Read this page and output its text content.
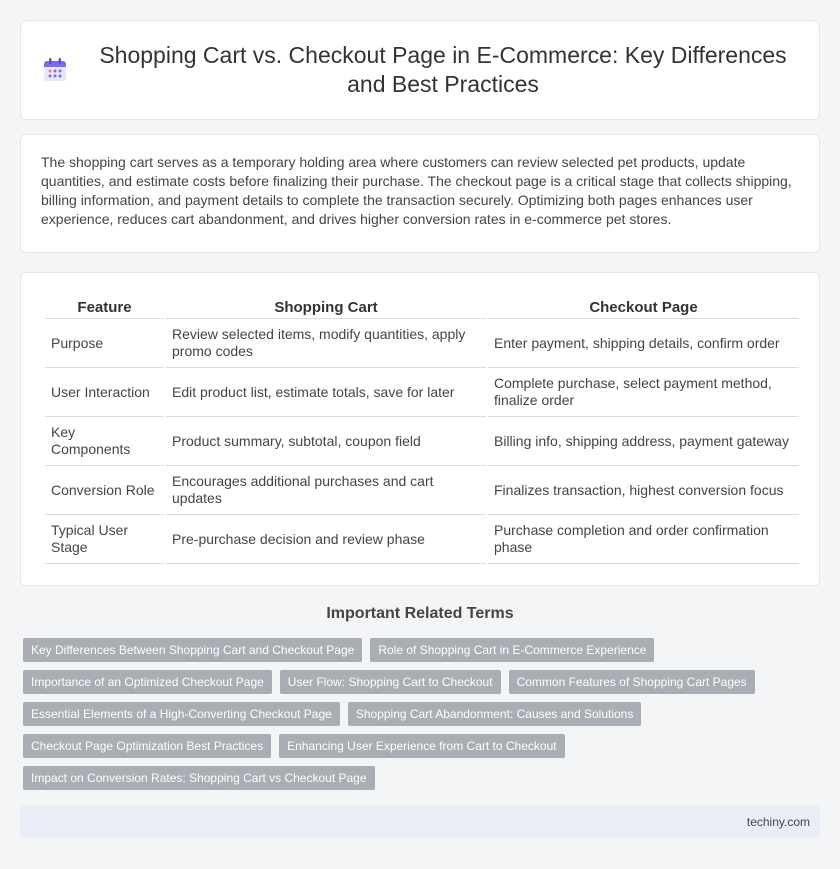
Shopping Cart vs. Checkout Page in E-Commerce: Key Differences and Best Practices

The shopping cart serves as a temporary holding area where customers can review selected pet products, update quantities, and estimate costs before finalizing their purchase. The checkout page is a critical stage that collects shipping, billing information, and payment details to complete the transaction securely. Optimizing both pages enhances user experience, reduces cart abandonment, and drives higher conversion rates in e-commerce pet stores.

Feature	Shopping Cart	Checkout Page
Purpose	Review selected items, modify quantities, apply promo codes	Enter payment, shipping details, confirm order
User Interaction	Edit product list, estimate totals, save for later	Complete purchase, select payment method, finalize order
Key Components	Product summary, subtotal, coupon field	Billing info, shipping address, payment gateway
Conversion Role	Encourages additional purchases and cart updates	Finalizes transaction, highest conversion focus
Typical User Stage	Pre-purchase decision and review phase	Purchase completion and order confirmation phase
Important Related Terms
Key Differences Between Shopping Cart and Checkout Page	Role of Shopping Cart in E-Commerce Experience
Importance of an Optimized Checkout Page	User Flow: Shopping Cart to Checkout	Common Features of Shopping Cart Pages
Essential Elements of a High-Converting Checkout Page	Shopping Cart Abandonment: Causes and Solutions
Checkout Page Optimization Best Practices	Enhancing User Experience from Cart to Checkout
Impact on Conversion Rates: Shopping Cart vs Checkout Page
techiny.com
